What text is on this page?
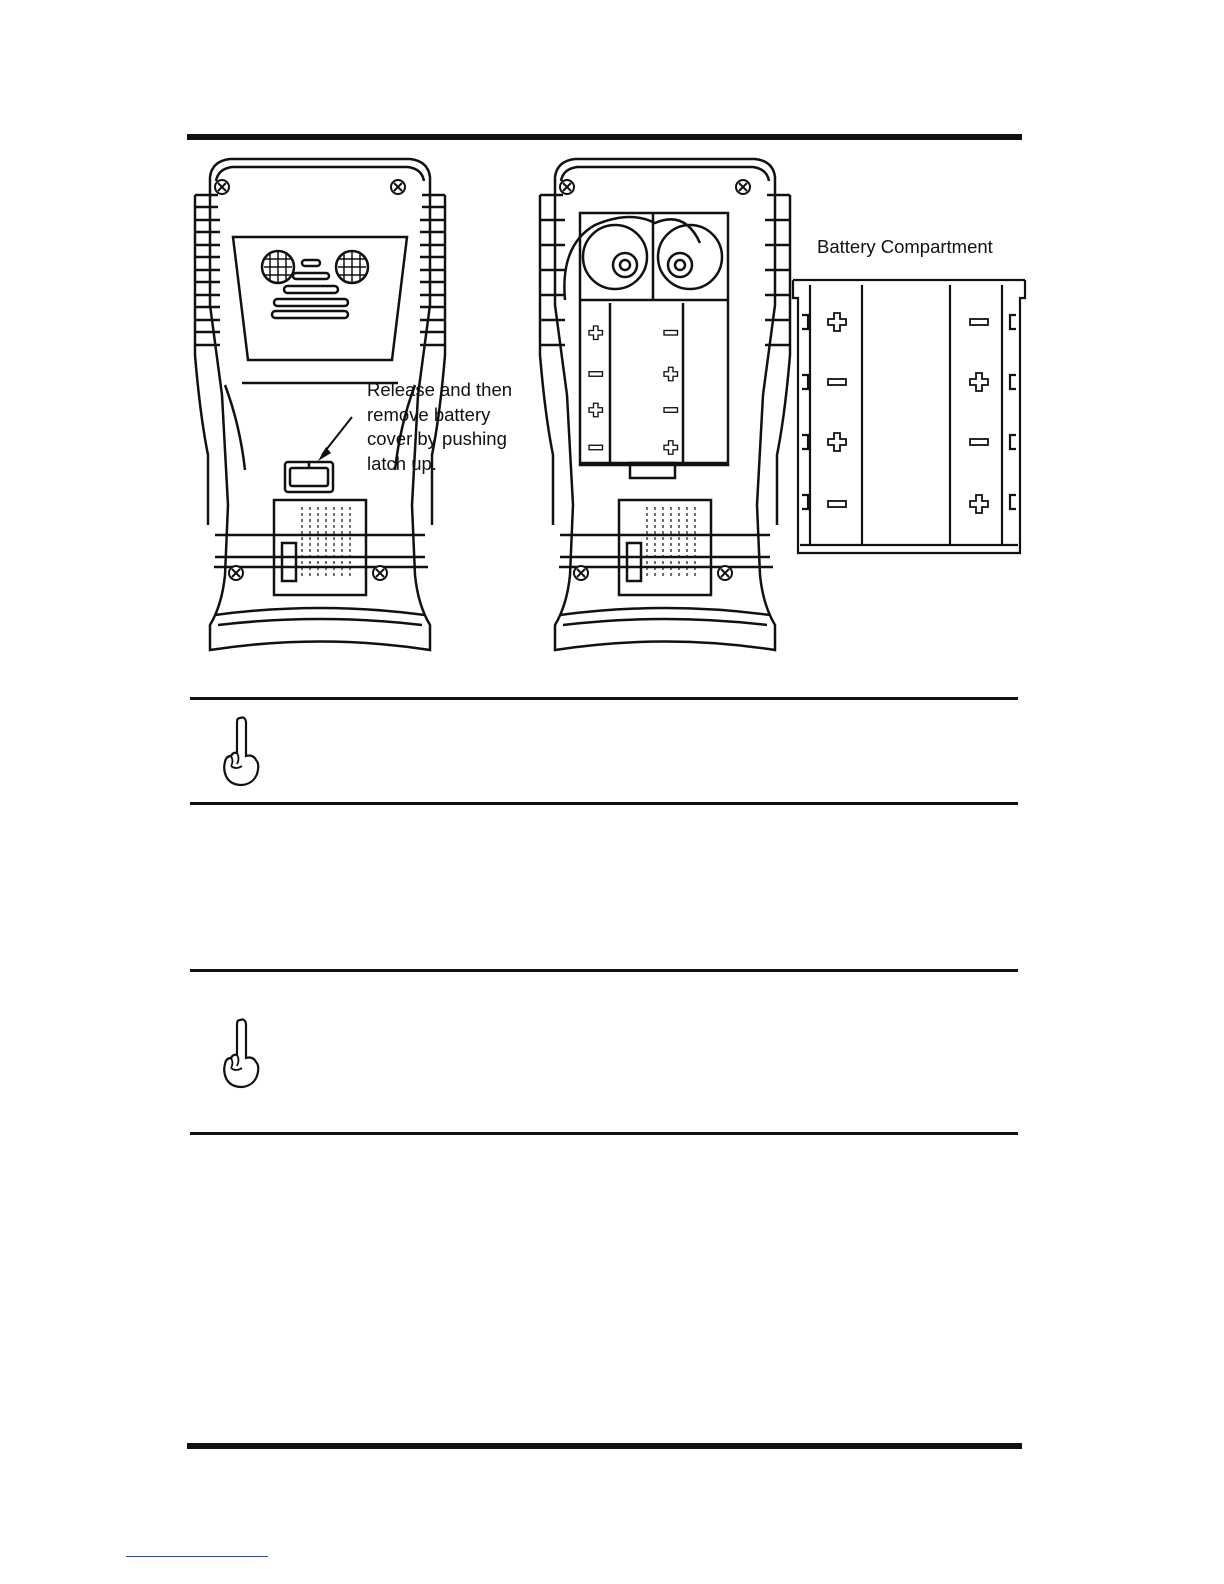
Release and then
remove battery
cover by pushing
latch up.
Battery Compartment
